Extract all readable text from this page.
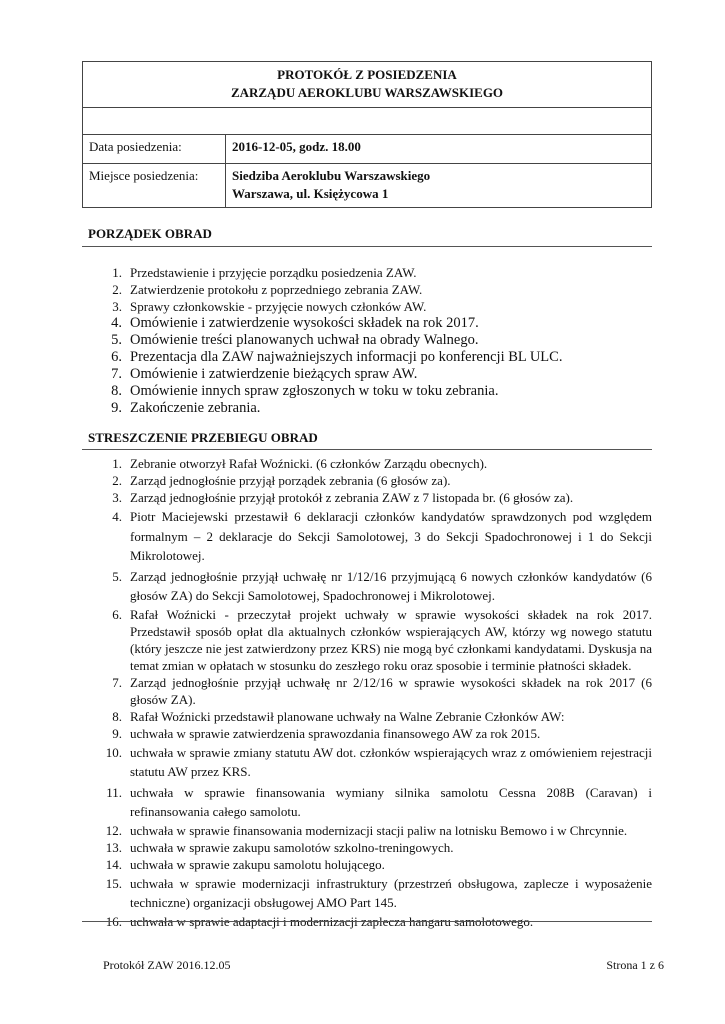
PROTOKÓŁ Z POSIEDZENIA
ZARZĄDU AEROKLUBU WARSZAWSKIEGO	

Data posiedzenia:	2016-12-05, godz. 18.00
Miejsce posiedzenia:	Siedziba Aeroklubu Warszawskiego
Warszawa, ul. Księżycowa 1
PORZĄDEK OBRAD
1. Przedstawienie i przyjęcie porządku posiedzenia ZAW.
2. Zatwierdzenie protokołu z poprzedniego zebrania ZAW.
3. Sprawy członkowskie - przyjęcie nowych członków AW.
4. Omówienie i zatwierdzenie wysokości składek na rok 2017.
5. Omówienie treści planowanych uchwał na obrady Walnego.
6. Prezentacja dla ZAW najważniejszych informacji po konferencji BL ULC.
7. Omówienie i zatwierdzenie bieżących spraw AW.
8. Omówienie innych spraw zgłoszonych w toku w toku zebrania.
9. Zakończenie zebrania.
STRESZCZENIE PRZEBIEGU OBRAD
1. Zebranie otworzył Rafał Woźnicki. (6 członków Zarządu obecnych).
2. Zarząd jednogłośnie przyjął porządek zebrania (6 głosów za).
3. Zarząd jednogłośnie przyjął protokół z zebrania ZAW z 7 listopada br. (6 głosów za).
4. Piotr Maciejewski przestawił 6 deklaracji członków kandydatów sprawdzonych pod względem formalnym – 2 deklaracje do Sekcji Samolotowej, 3 do Sekcji Spadochronowej i 1 do Sekcji Mikrolotowej.
5. Zarząd jednogłośnie przyjął uchwałę nr 1/12/16 przyjmującą 6 nowych członków kandydatów (6 głosów ZA) do Sekcji Samolotowej, Spadochronowej i Mikrolotowej.
6. Rafał Woźnicki - przeczytał projekt uchwały w sprawie wysokości składek na rok 2017. Przedstawił sposób opłat dla aktualnych członków wspierających AW, którzy wg nowego statutu (który jeszcze nie jest zatwierdzony przez KRS) nie mogą być członkami kandydatami. Dyskusja na temat zmian w opłatach w stosunku do zeszłego roku oraz sposobie i terminie płatności składek.
7. Zarząd jednogłośnie przyjął uchwałę nr 2/12/16 w sprawie wysokości składek na rok 2017 (6 głosów ZA).
8. Rafał Woźnicki przedstawił planowane uchwały na Walne Zebranie Członków AW:
9. uchwała w sprawie zatwierdzenia sprawozdania finansowego AW za rok 2015.
10. uchwała w sprawie zmiany statutu AW dot. członków wspierających wraz z omówieniem rejestracji statutu AW przez KRS.
11. uchwała w sprawie finansowania wymiany silnika samolotu Cessna 208B (Caravan) i refinansowania całego samolotu.
12. uchwała w sprawie finansowania modernizacji stacji paliw na lotnisku Bemowo i w Chrcynnie.
13. uchwała w sprawie zakupu samolotów szkolno-treningowych.
14. uchwała w sprawie zakupu samolotu holującego.
15. uchwała w sprawie modernizacji infrastruktury (przestrzeń obsługowa, zaplecze i wyposażenie techniczne) organizacji obsługowej AMO Part 145.
16. uchwała w sprawie adaptacji i modernizacji zaplecza hangaru samolotowego.
Protokół ZAW 2016.12.05	Strona 1 z 6
